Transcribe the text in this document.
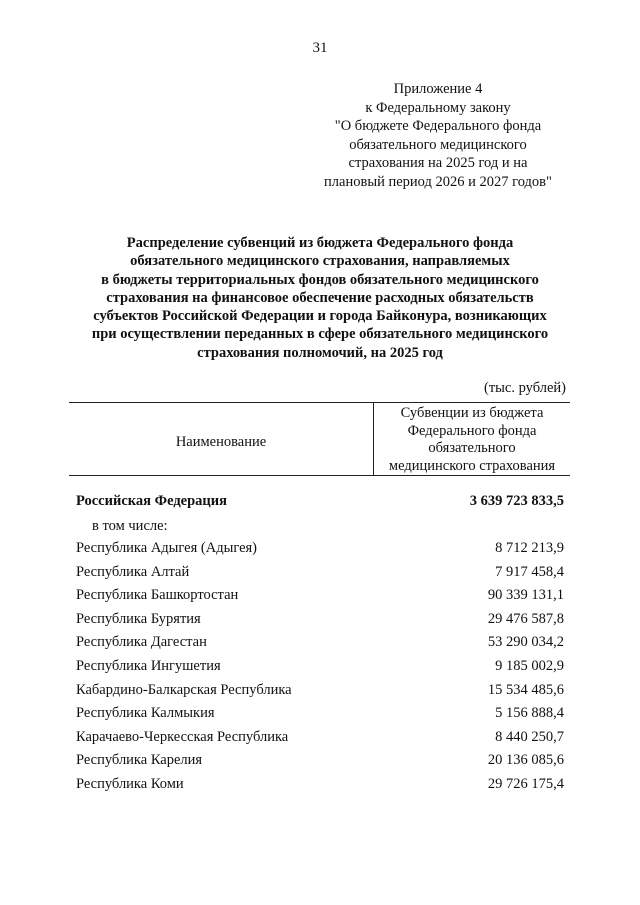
31
Приложение 4
к Федеральному закону
"О бюджете Федерального фонда
обязательного медицинского
страхования на 2025 год и на
плановый период 2026 и 2027 годов"
Распределение субвенций из бюджета Федерального фонда
обязательного медицинского страхования, направляемых
в бюджеты территориальных фондов обязательного медицинского
страхования на финансовое обеспечение расходных обязательств
субъектов Российской Федерации и города Байконура, возникающих
при осуществлении переданных в сфере обязательного медицинского
страхования полномочий, на 2025 год
(тыс. рублей)
Наименование
Субвенции из бюджета
Федерального фонда
обязательного
медицинского страхования
Российская Федерация	3 639 723 833,5
в том числе:
Республика Адыгея (Адыгея)	8 712 213,9
Республика Алтай	7 917 458,4
Республика Башкортостан	90 339 131,1
Республика Бурятия	29 476 587,8
Республика Дагестан	53 290 034,2
Республика Ингушетия	9 185 002,9
Кабардино-Балкарская Республика	15 534 485,6
Республика Калмыкия	5 156 888,4
Карачаево-Черкесская Республика	8 440 250,7
Республика Карелия	20 136 085,6
Республика Коми	29 726 175,4
